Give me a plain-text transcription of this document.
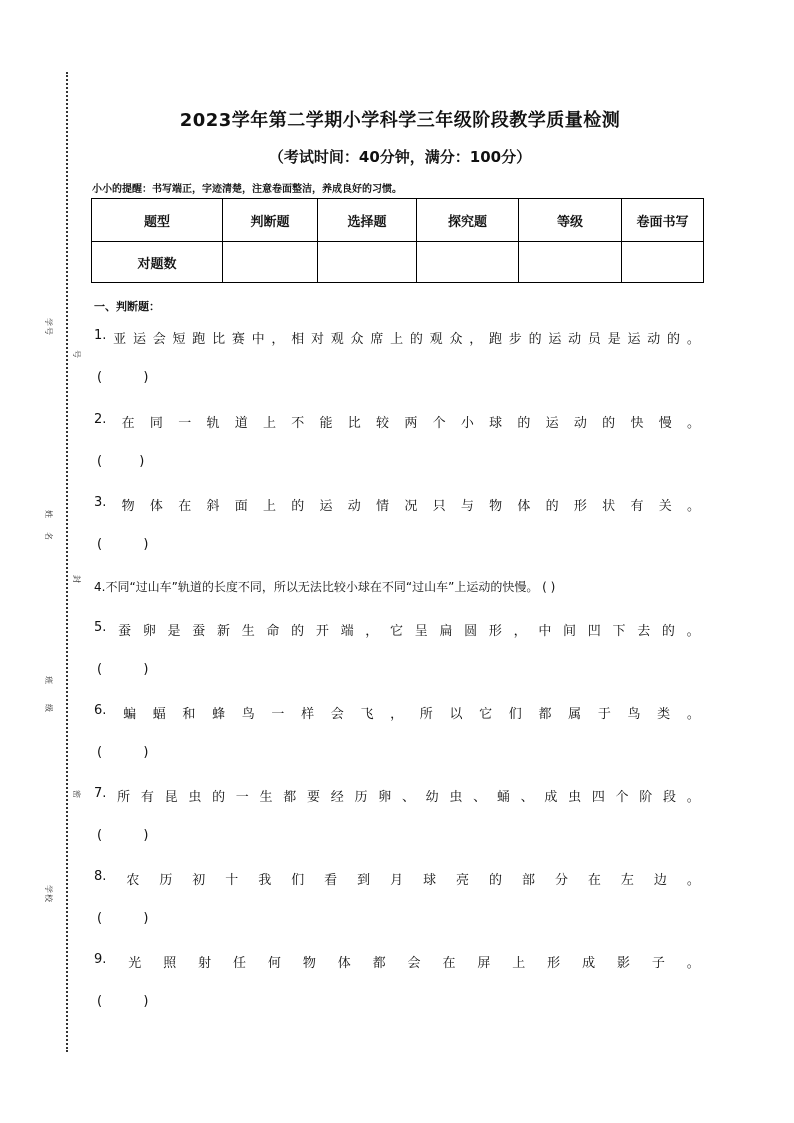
学号
号
姓
名
封
班
级
密
学校
2023学年第二学期小学科学三年级阶段教学质量检测
（考试时间：40分钟，满分：100分）
小小的提醒：书写端正，字迹清楚，注意卷面整洁，养成良好的习惯。
题型	判断题	选择题	探究题	等级	卷面书写
对题数					
一、判断题：
1. 亚 运 会 短 跑 比 赛 中 ， 相 对 观 众 席 上 的 观 众 ， 跑 步 的 运 动 员 是 运 动 的 。
(          )
2. 在 同 一 轨 道 上 不 能 比 较 两 个 小 球 的 运 动 的 快 慢 。
(         )
3. 物 体 在 斜 面 上 的 运 动 情 况 只 与 物 体 的 形 状 有 关 。
(          )
4.不同“过山车”轨道的长度不同，所以无法比较小球在不同“过山车”上运动的快慢。 ( )
5. 蚕 卵 是 蚕 新 生 命 的 开 端 ， 它 呈 扁 圆 形 ， 中 间 凹 下 去 的 。
(          )
6. 蝙 蝠 和 蜂 鸟 一 样 会 飞 ， 所 以 它 们 都 属 于 鸟 类 。
(          )
7. 所 有 昆 虫 的 一 生 都 要 经 历 卵 、 幼 虫 、 蛹 、 成 虫 四 个 阶 段 。
(          )
8. 农 历 初 十 我 们 看 到 月 球 亮 的 部 分 在 左 边 。
(          )
9. 光 照 射 任 何 物 体 都 会 在 屏 上 形 成 影 子 。
(          )
